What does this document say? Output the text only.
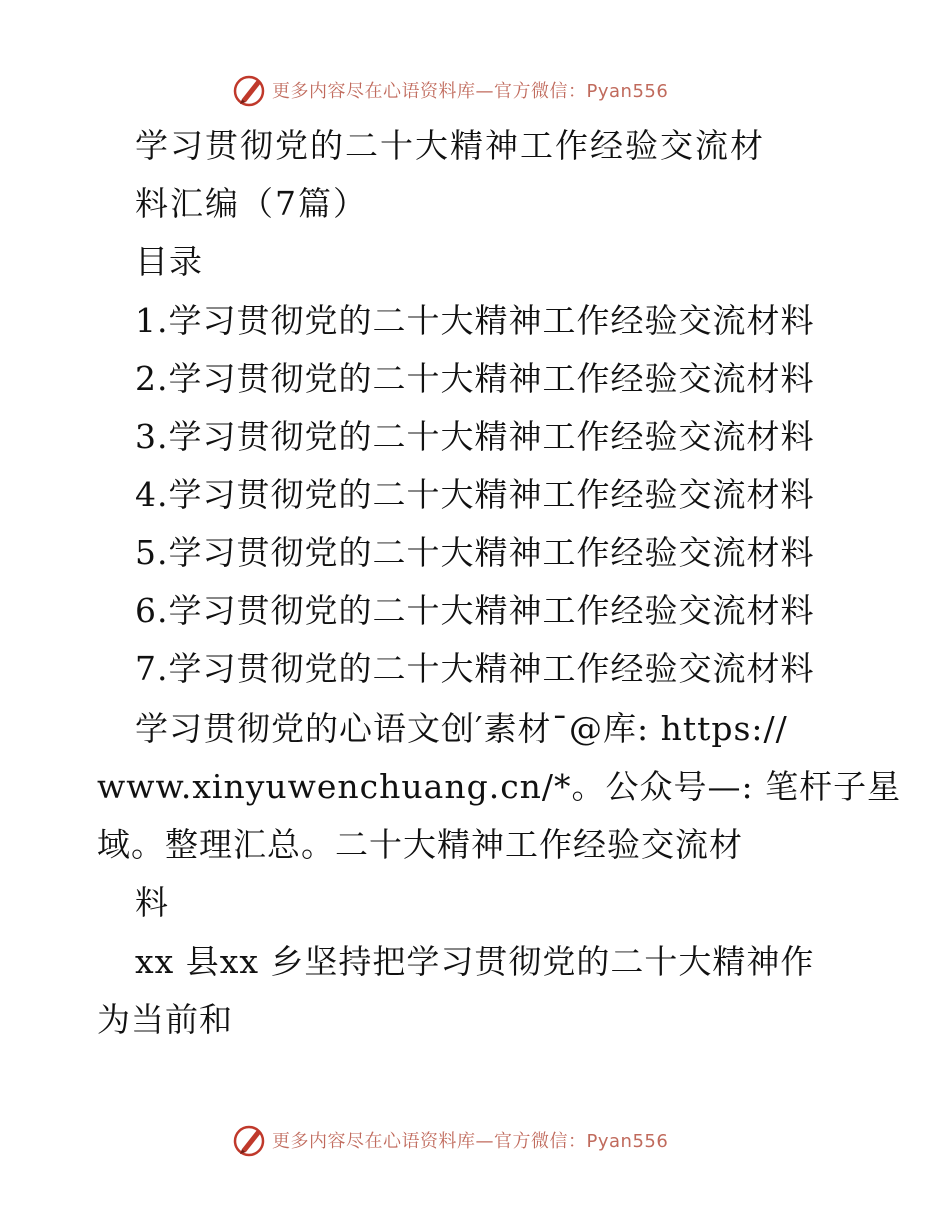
更多内容尽在心语资料库—官方微信：Pyan556
学习贯彻党的二十大精神工作经验交流材
料汇编（7篇）
目录
1.学习贯彻党的二十大精神工作经验交流材料
2.学习贯彻党的二十大精神工作经验交流材料
3.学习贯彻党的二十大精神工作经验交流材料
4.学习贯彻党的二十大精神工作经验交流材料
5.学习贯彻党的二十大精神工作经验交流材料
6.学习贯彻党的二十大精神工作经验交流材料
7.学习贯彻党的二十大精神工作经验交流材料
学习贯彻党的心语文创′素材¯@库: https://
www.xinyuwenchuang.cn/*。公众号—: 笔杆子星
域。整理汇总。二十大精神工作经验交流材
料
xx 县xx 乡坚持把学习贯彻党的二十大精神作
为当前和
更多内容尽在心语资料库—官方微信：Pyan556
